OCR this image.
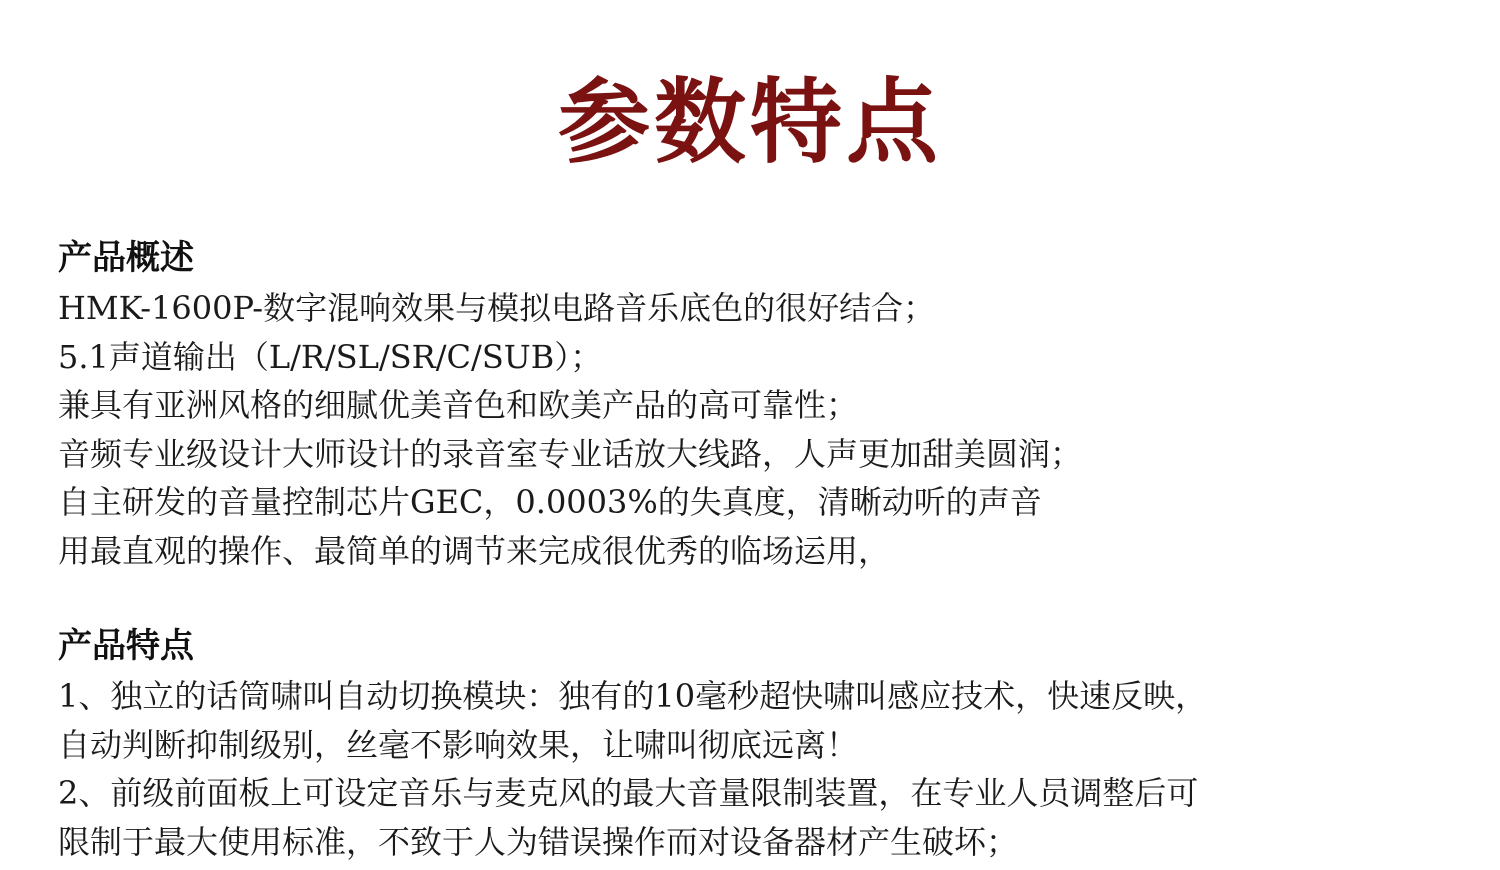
参数特点
产品概述
HMK-1600P-数字混响效果与模拟电路音乐底色的很好结合；
5.1声道输出（L/R/SL/SR/C/SUB）；
兼具有亚洲风格的细腻优美音色和欧美产品的高可靠性；
音频专业级设计大师设计的录音室专业话放大线路，人声更加甜美圆润；
自主研发的音量控制芯片GEC，0.0003%的失真度，清晰动听的声音
用最直观的操作、最简单的调节来完成很优秀的临场运用，
产品特点
1、独立的话筒啸叫自动切换模块：独有的10毫秒超快啸叫感应技术，快速反映，
自动判断抑制级别，丝毫不影响效果，让啸叫彻底远离！
2、前级前面板上可设定音乐与麦克风的最大音量限制装置，在专业人员调整后可
限制于最大使用标准，不致于人为错误操作而对设备器材产生破坏；
